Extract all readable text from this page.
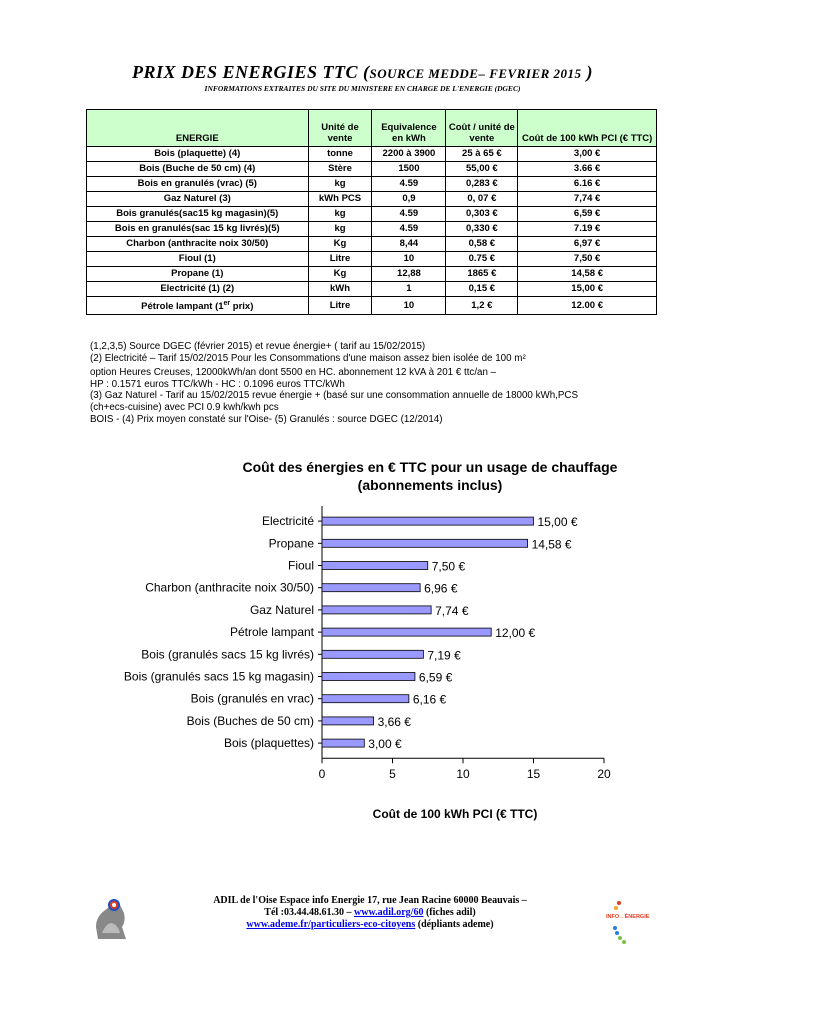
PRIX DES ENERGIES TTC (SOURCE MEDDE– FEVRIER 2015 )
INFORMATIONS EXTRAITES DU SITE DU MINISTERE EN CHARGE DE L'ENERGIE (DGEC)
ENERGIE	Unité de vente	Equivalence en kWh	Coût / unité de vente	Coût de 100 kWh PCI (€ TTC)
Bois (plaquette) (4)	tonne	2200 à 3900	25 à 65 €	3,00 €
Bois (Buche de 50 cm) (4)	Stère	1500	55,00 €	3.66 €
Bois en granulés (vrac) (5)	kg	4.59	0,283 €	6.16 €
Gaz Naturel (3)	kWh PCS	0,9	0, 07 €	7,74 €
Bois granulés(sac15 kg magasin)(5)	kg	4.59	0,303 €	6,59 €
Bois en granulés(sac 15 kg livrés)(5)	kg	4.59	0,330 €	7.19 €
Charbon (anthracite noix 30/50)	Kg	8,44	0,58 €	6,97 €
Fioul (1)	Litre	10	0.75 €	7,50 €
Propane (1)	Kg	12,88	1865 €	14,58 €
Electricité (1) (2)	kWh	1	0,15 €	15,00 €
Pétrole lampant (1er prix)	Litre	10	1,2 €	12.00 €
(1,2,3,5) Source DGEC (février 2015) et revue énergie+ ( tarif au 15/02/2015)
(2) Electricité – Tarif 15/02/2015 Pour les Consommations d'une maison assez bien isolée de 100 m²
option Heures Creuses, 12000kWh/an dont 5500 en HC. abonnement 12 kVA à 201 € ttc/an –
HP : 0.1571 euros TTC/kWh - HC : 0.1096 euros TTC/kWh
(3) Gaz Naturel - Tarif au 15/02/2015 revue énergie + (basé sur une consommation annuelle de 18000 kWh,PCS
(ch+ecs-cuisine) avec PCI 0.9 kwh/kwh pcs
BOIS - (4) Prix moyen constaté sur l'Oise- (5) Granulés : source DGEC (12/2014)
Coût des énergies en € TTC pour un usage de chauffage
(abonnements inclus)
0	5	10	15	20
Electricité	15,00 €
Propane	14,58 €
Fioul	7,50 €
Charbon (anthracite noix 30/50)	6,96 €
Gaz Naturel	7,74 €
Pétrole lampant	12,00 €
Bois (granulés sacs 15 kg livrés)	7,19 €
Bois (granulés sacs 15 kg magasin)	6,59 €
Bois (granulés en vrac)	6,16 €
Bois (Buches de 50 cm)	3,66 €
Bois (plaquettes)	3,00 €
Coût de 100 kWh PCI (€ TTC)
ADIL de l'Oise Espace info Energie 17, rue Jean Racine 60000 Beauvais –
Tél :03.44.48.61.30 – www.adil.org/60 (fiches adil)
www.ademe.fr/particuliers-eco-citoyens (dépliants ademe)
INFO→ÉNERGIE
